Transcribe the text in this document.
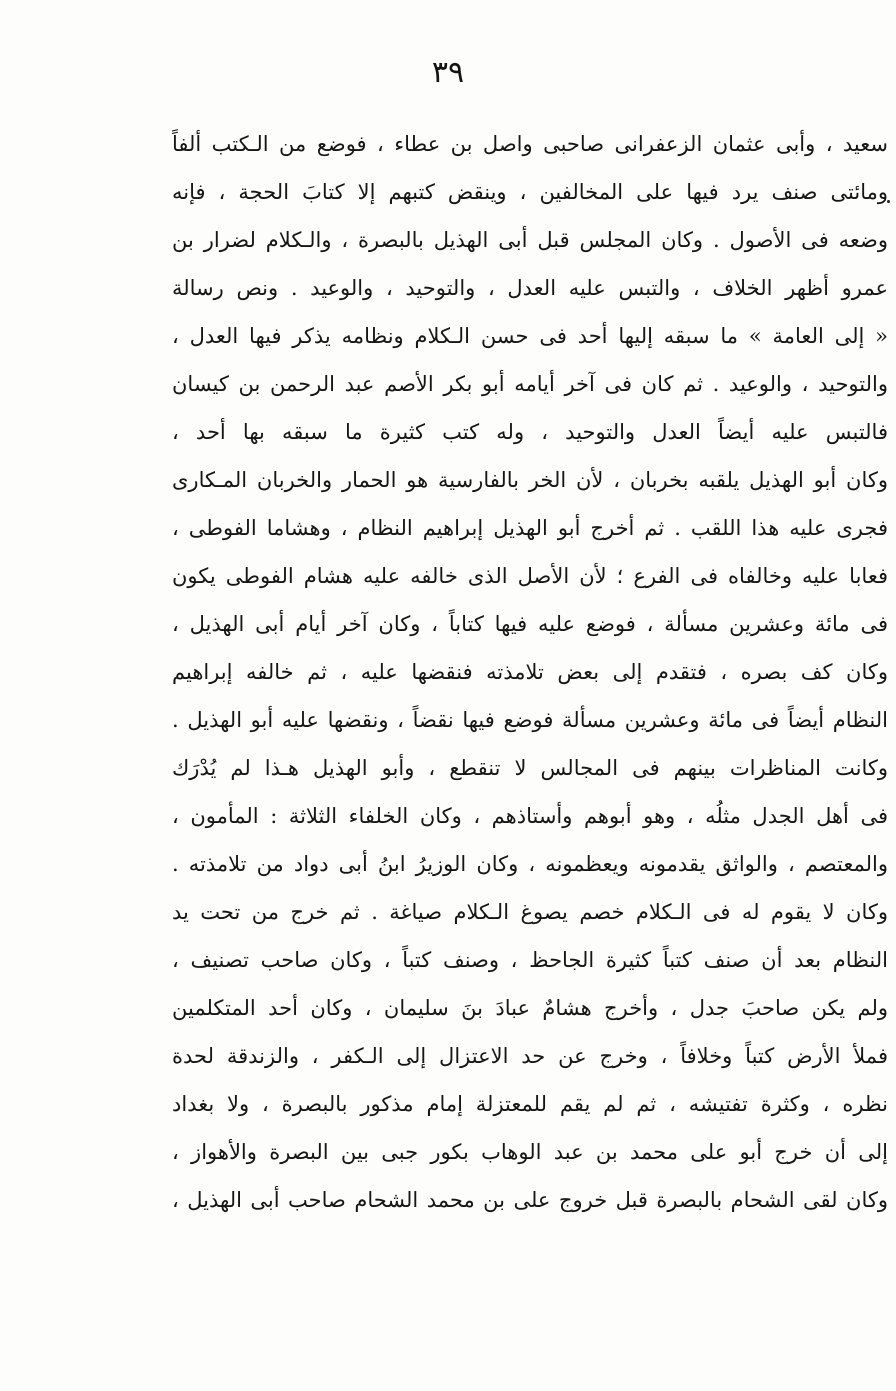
٣٩
سعيد ، وأبى عثمان الزعفرانى صاحبى واصل بن عطاء ، فوضع من الـكتب ألفاً
ومائتى صنف يرد فيها على المخالفين ، وينقض كتبهم إلا كتابَ الحجة ، فإنه
وضعه فى الأصول . وكان المجلس قبل أبى الهذيل بالبصرة ، والـكلام لضرار بن
عمرو أظهر الخلاف ، والتبس عليه العدل ، والتوحيد ، والوعيد . ونص رسالة
« إلى العامة » ما سبقه إليها أحد فى حسن الـكلام ونظامه يذكر فيها العدل ،
والتوحيد ، والوعيد . ثم كان فى آخر أيامه أبو بكر الأصم عبد الرحمن بن كيسان
فالتبس عليه أيضاً العدل والتوحيد ، وله كتب كثيرة ما سبقه بها أحد ،
وكان أبو الهذيل يلقبه بخربان ، لأن الخر بالفارسية هو الحمار والخربان المـكارى
فجرى عليه هذا اللقب . ثم أخرج أبو الهذيل إبراهيم النظام ، وهشاما الفوطى ،
فعابا عليه وخالفاه فى الفرع ؛ لأن الأصل الذى خالفه عليه هشام الفوطى يكون
فى مائة وعشرين مسألة ، فوضع عليه فيها كتاباً ، وكان آخر أيام أبى الهذيل ،
وكان كف بصره ، فتقدم إلى بعض تلامذته فنقضها عليه ، ثم خالفه إبراهيم
النظام أيضاً فى مائة وعشرين مسألة فوضع فيها نقضاً ، ونقضها عليه أبو الهذيل .
وكانت المناظرات بينهم فى المجالس لا تنقطع ، وأبو الهذيل هـذا لم يُدْرَك
فى أهل الجدل مثلُه ، وهو أبوهم وأستاذهم ، وكان الخلفاء الثلاثة : المأمون ،
والمعتصم ، والواثق يقدمونه ويعظمونه ، وكان الوزيرُ ابنُ أبى دواد من تلامذته .
وكان لا يقوم له فى الـكلام خصم يصوغ الـكلام صياغة . ثم خرج من تحت يد
النظام بعد أن صنف كتباً كثيرة الجاحظ ، وصنف كتباً ، وكان صاحب تصنيف ،
ولم يكن صاحبَ جدل ، وأخرج هشامٌ عبادَ بنَ سليمان ، وكان أحد المتكلمين
فملأ الأرض كتباً وخلافاً ، وخرج عن حد الاعتزال إلى الـكفر ، والزندقة لحدة
نظره ، وكثرة تفتيشه ، ثم لم يقم للمعتزلة إمام مذكور بالبصرة ، ولا بغداد
إلى أن خرج أبو على محمد بن عبد الوهاب بكور جبى بين البصرة والأهواز ،
وكان لقى الشحام بالبصرة قبل خروج على بن محمد الشحام صاحب أبى الهذيل ،
